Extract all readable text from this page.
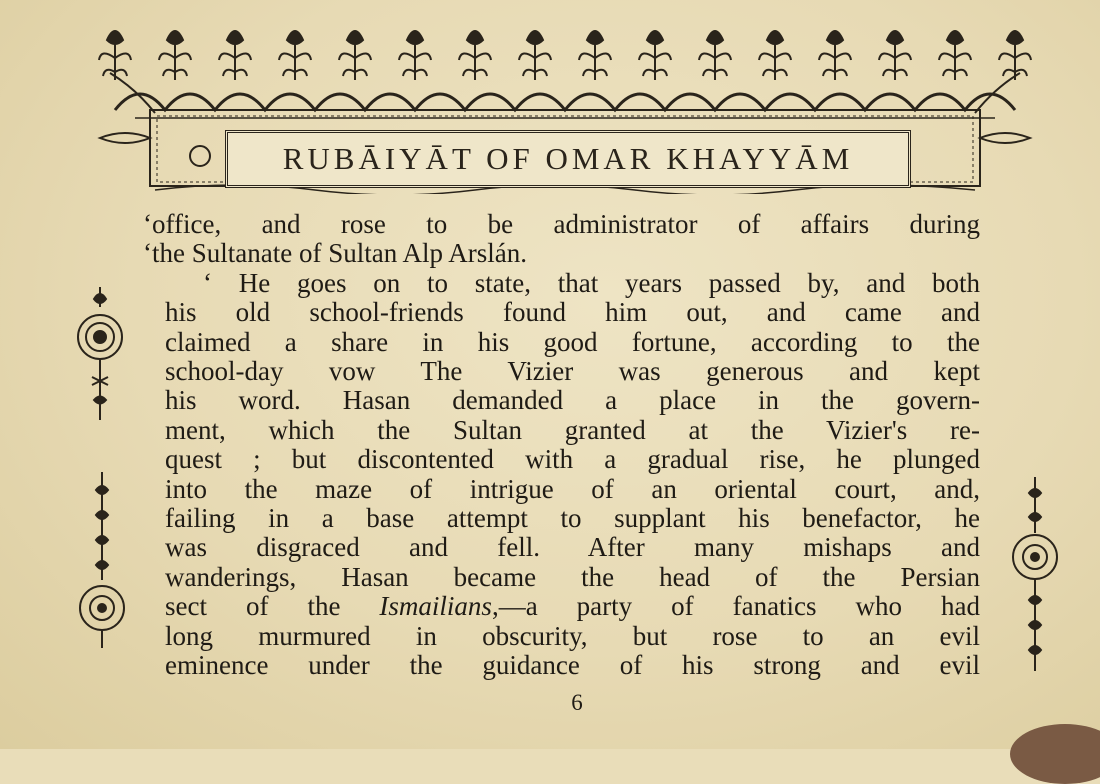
RUBĀIYĀT OF OMAR KHAYYĀM
‘office, and rose to be administrator of affairs during
‘the Sultanate of Sultan Alp Arslán.
‘ He goes on to state, that years passed by, and both
his old school-friends found him out, and came and
claimed a share in his good fortune, according to the
school-day vow The Vizier was generous and kept
his word. Hasan demanded a place in the govern-
ment, which the Sultan granted at the Vizier's re-
quest ; but discontented with a gradual rise, he plunged
into the maze of intrigue of an oriental court, and,
failing in a base attempt to supplant his benefactor, he
was disgraced and fell. After many mishaps and
wanderings, Hasan became the head of the Persian
sect of the Ismailians,—a party of fanatics who had
long murmured in obscurity, but rose to an evil
eminence under the guidance of his strong and evil
6
